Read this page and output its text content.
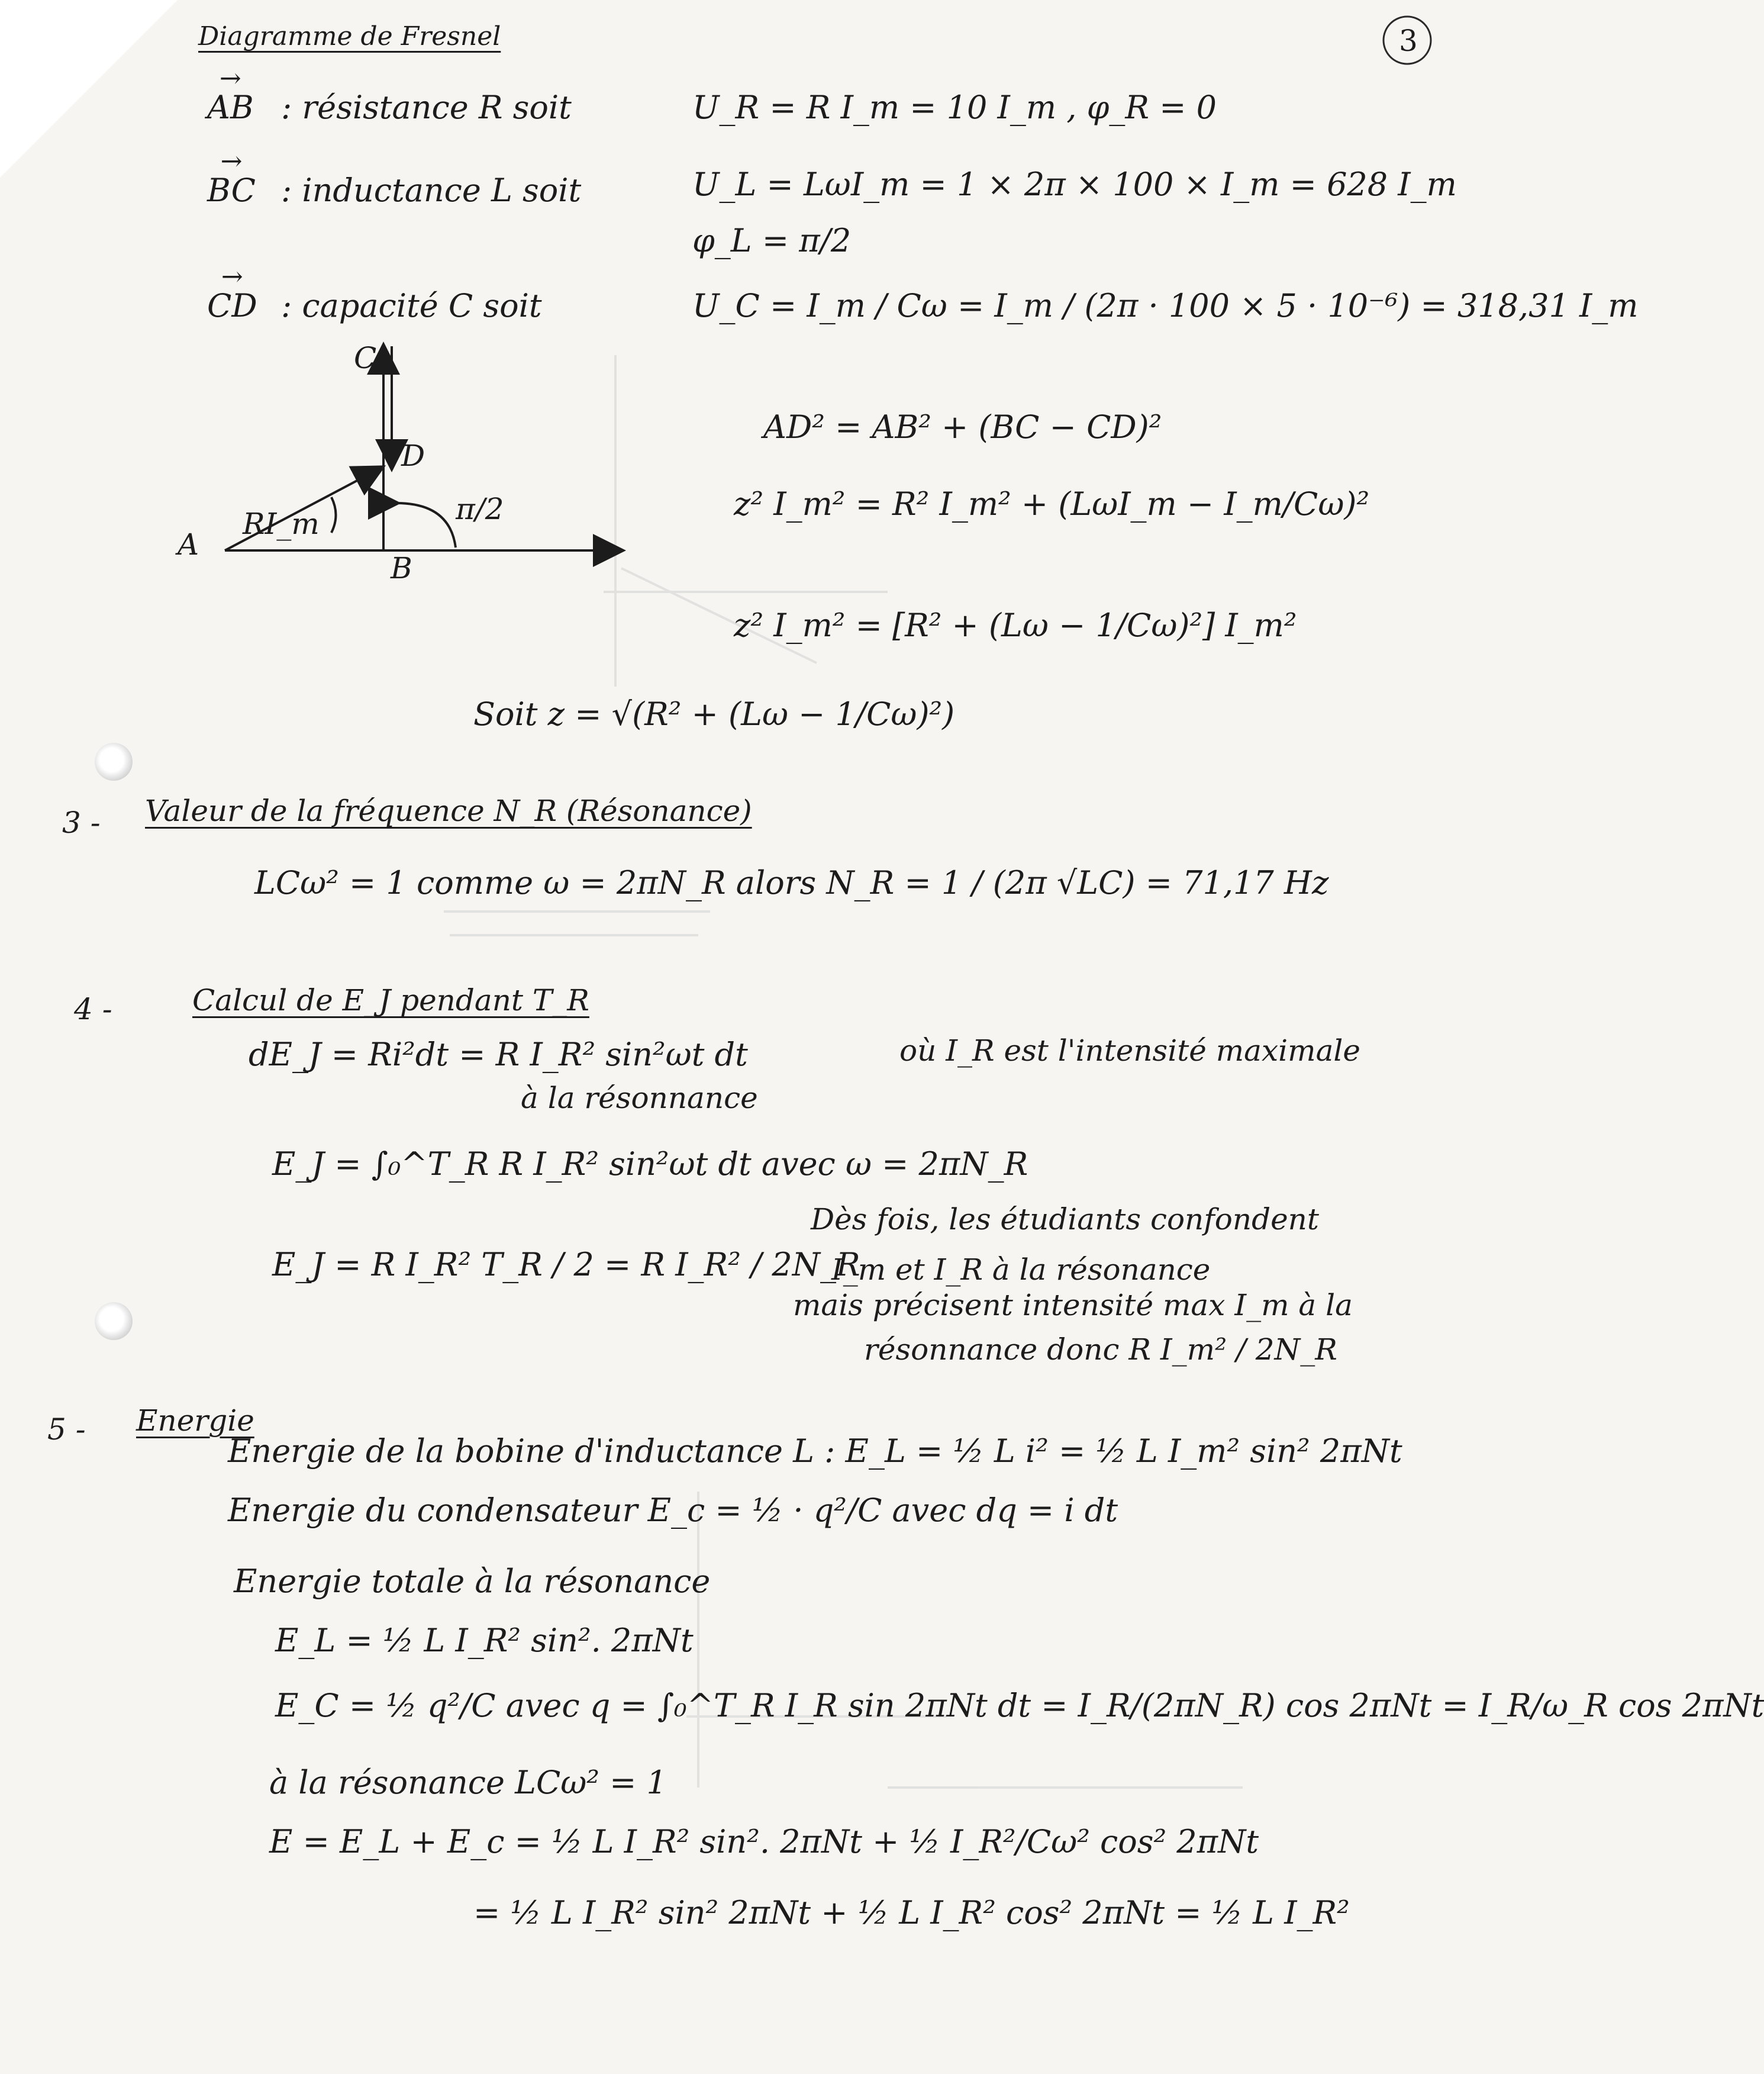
3
Diagramme de Fresnel
→ AB : résistance R soit	U_R = R I_m = 10 I_m , φ_R = 0
→ BC : inductance L soit	U_L = LωI_m = 1 × 2π × 100 × I_m = 628 I_m
φ_L = π/2
→ CD : capacité C soit	U_C = I_m / Cω = I_m / (2π · 100 × 5 · 10⁻⁶) = 318,31 I_m
C
D
A
B
RI_m	π/2
AD² = AB² + (BC − CD)²
z² I_m² = R² I_m² + (LωI_m − I_m/Cω)²
z² I_m² = [R² + (Lω − 1/Cω)²] I_m²
Soit z = √(R² + (Lω − 1/Cω)²)
3 - Valeur de la fréquence N_R (Résonance)
LCω² = 1 comme ω = 2πN_R alors N_R = 1 / (2π √LC) = 71,17 Hz
4 -	Calcul de E_J pendant T_R
dE_J = Ri²dt = R I_R² sin²ωt dt	où I_R est l'intensité maximale
à la résonnance
E_J = ∫₀^T_R R I_R² sin²ωt dt avec ω = 2πN_R
E_J = R I_R² T_R / 2 = R I_R² / 2N_R
Dès fois, les étudiants confondent
I_m et I_R à la résonance
mais précisent intensité max I_m à la
résonnance donc R I_m² / 2N_R
5 - Energie
Energie de la bobine d'inductance L : E_L = ½ L i² = ½ L I_m² sin² 2πNt
Energie du condensateur E_c = ½ · q²/C avec dq = i dt
Energie totale à la résonance
E_L = ½ L I_R² sin². 2πNt
E_C = ½ q²/C avec q = ∫₀^T_R I_R sin 2πNt dt = I_R/(2πN_R) cos 2πNt = I_R/ω_R cos 2πNt
à la résonance LCω² = 1
E = E_L + E_c = ½ L I_R² sin². 2πNt + ½ I_R²/Cω² cos² 2πNt
= ½ L I_R² sin² 2πNt + ½ L I_R² cos² 2πNt = ½ L I_R²
